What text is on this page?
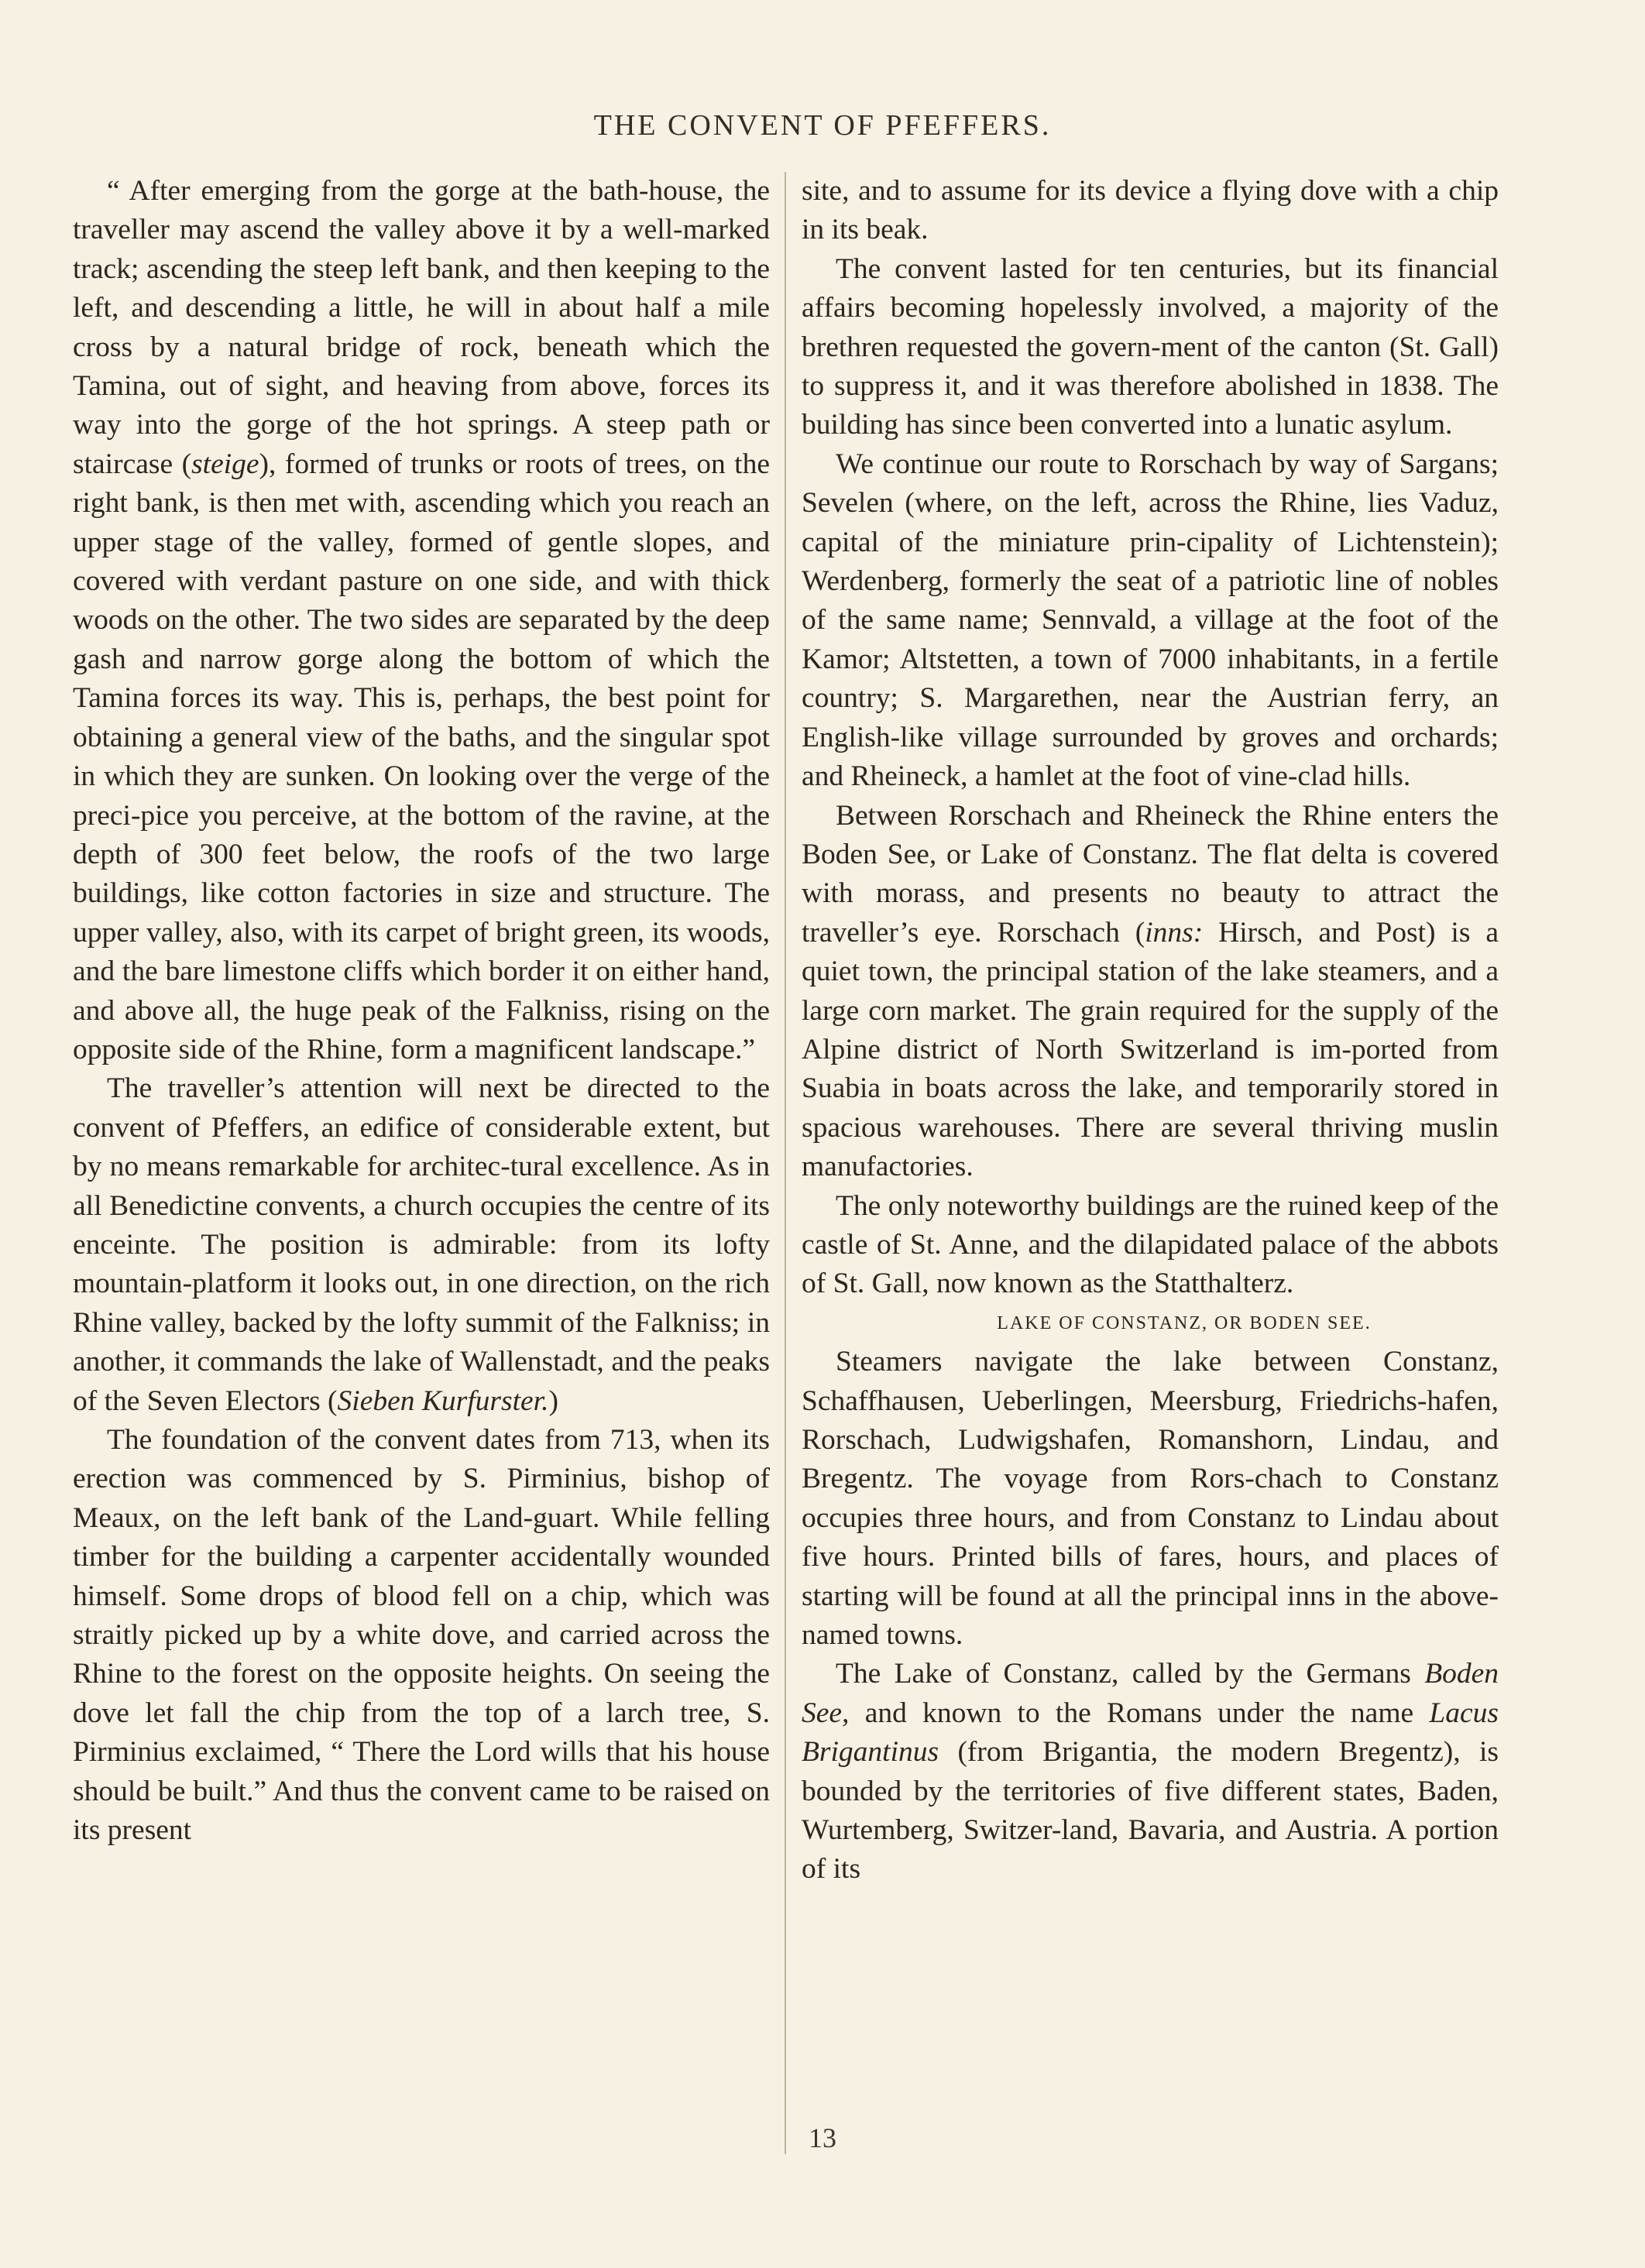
THE CONVENT OF PFEFFERS.

“ After emerging from the gorge at the bath-house, the traveller may ascend the valley above it by a well-marked track; ascending the steep left bank, and then keeping to the left, and descending a little, he will in about half a mile cross by a natural bridge of rock, beneath which the Tamina, out of sight, and heaving from above, forces its way into the gorge of the hot springs. A steep path or staircase (steige), formed of trunks or roots of trees, on the right bank, is then met with, ascending which you reach an upper stage of the valley, formed of gentle slopes, and covered with verdant pasture on one side, and with thick woods on the other. The two sides are separated by the deep gash and narrow gorge along the bottom of which the Tamina forces its way. This is, perhaps, the best point for obtaining a general view of the baths, and the singular spot in which they are sunken. On looking over the verge of the preci-pice you perceive, at the bottom of the ravine, at the depth of 300 feet below, the roofs of the two large buildings, like cotton factories in size and structure. The upper valley, also, with its carpet of bright green, its woods, and the bare limestone cliffs which border it on either hand, and above all, the huge peak of the Falkniss, rising on the opposite side of the Rhine, form a magnificent landscape.”

The traveller’s attention will next be directed to the convent of Pfeffers, an edifice of considerable extent, but by no means remarkable for architec-tural excellence. As in all Benedictine convents, a church occupies the centre of its enceinte. The position is admirable: from its lofty mountain-platform it looks out, in one direction, on the rich Rhine valley, backed by the lofty summit of the Falkniss; in another, it commands the lake of Wallenstadt, and the peaks of the Seven Electors (Sieben Kurfurster.)

The foundation of the convent dates from 713, when its erection was commenced by S. Pirminius, bishop of Meaux, on the left bank of the Land-guart. While felling timber for the building a carpenter accidentally wounded himself. Some drops of blood fell on a chip, which was straitly picked up by a white dove, and carried across the Rhine to the forest on the opposite heights. On seeing the dove let fall the chip from the top of a larch tree, S. Pirminius exclaimed, “ There the Lord wills that his house should be built.” And thus the convent came to be raised on its present

site, and to assume for its device a flying dove with a chip in its beak.

The convent lasted for ten centuries, but its financial affairs becoming hopelessly involved, a majority of the brethren requested the govern-ment of the canton (St. Gall) to suppress it, and it was therefore abolished in 1838. The building has since been converted into a lunatic asylum.

We continue our route to Rorschach by way of Sargans; Sevelen (where, on the left, across the Rhine, lies Vaduz, capital of the miniature prin-cipality of Lichtenstein); Werdenberg, formerly the seat of a patriotic line of nobles of the same name; Sennvald, a village at the foot of the Kamor; Altstetten, a town of 7000 inhabitants, in a fertile country; S. Margarethen, near the Austrian ferry, an English-like village surrounded by groves and orchards; and Rheineck, a hamlet at the foot of vine-clad hills.

Between Rorschach and Rheineck the Rhine enters the Boden See, or Lake of Constanz. The flat delta is covered with morass, and presents no beauty to attract the traveller’s eye. Rorschach (inns: Hirsch, and Post) is a quiet town, the principal station of the lake steamers, and a large corn market. The grain required for the supply of the Alpine district of North Switzerland is im-ported from Suabia in boats across the lake, and temporarily stored in spacious warehouses. There are several thriving muslin manufactories.

The only noteworthy buildings are the ruined keep of the castle of St. Anne, and the dilapidated palace of the abbots of St. Gall, now known as the Statthalterz.

LAKE OF CONSTANZ, OR BODEN SEE.

Steamers navigate the lake between Constanz, Schaffhausen, Ueberlingen, Meersburg, Friedrichs-hafen, Rorschach, Ludwigshafen, Romanshorn, Lindau, and Bregentz. The voyage from Rors-chach to Constanz occupies three hours, and from Constanz to Lindau about five hours. Printed bills of fares, hours, and places of starting will be found at all the principal inns in the above-named towns.

The Lake of Constanz, called by the Germans Boden See, and known to the Romans under the name Lacus Brigantinus (from Brigantia, the modern Bregentz), is bounded by the territories of five different states, Baden, Wurtemberg, Switzer-land, Bavaria, and Austria. A portion of its

13
